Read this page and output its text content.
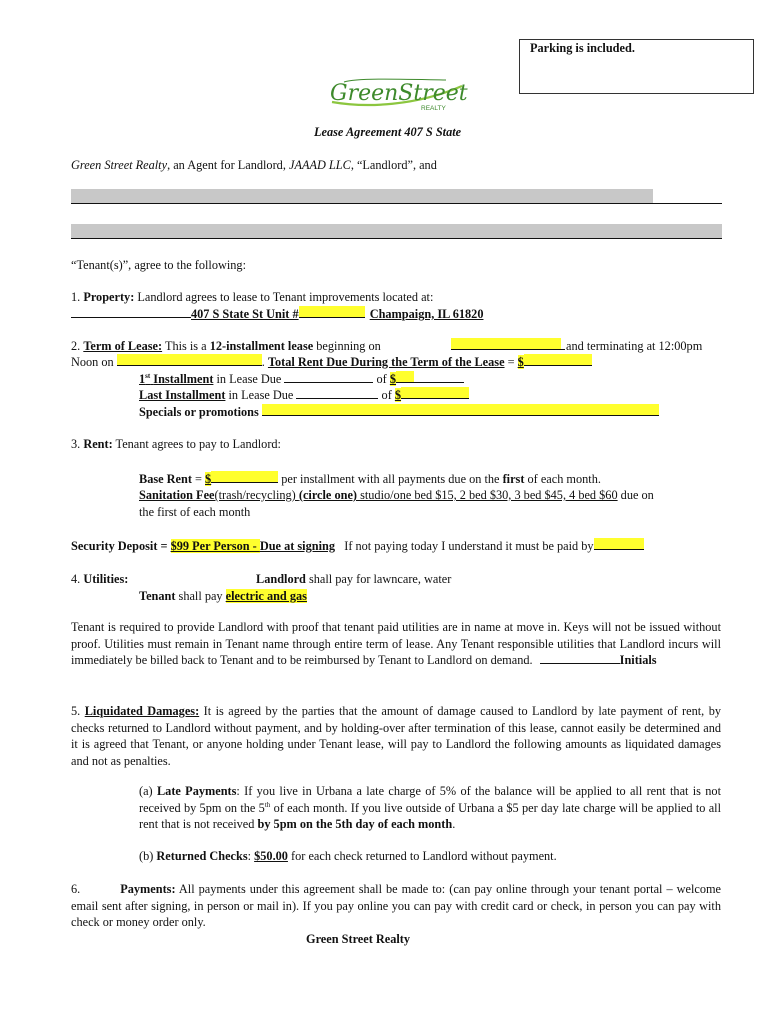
Parking is included.
GreenStreet
REALTY
Lease Agreement 407 S State
Green Street Realty, an Agent for Landlord, JAAAD LLC, “Landlord”, and
“Tenant(s)”, agree to the following:
1. Property: Landlord agrees to lease to Tenant improvements located at:
407 S State St Unit #	Champaign, IL 61820
2. Term of Lease: This is a 12-installment lease beginning on	and terminating at 12:00pm
Noon on	. Total Rent Due During the Term of the Lease = $
1st Installment in Lease Due	of $
Last Installment in Lease Due	of $
Specials or promotions
3. Rent: Tenant agrees to pay to Landlord:
Base Rent = $	per installment with all payments due on the first of each month.
Sanitation Fee(trash/recycling) (circle one) studio/one bed $15, 2 bed $30, 3 bed $45, 4 bed $60 due on
the first of each month
Security Deposit = $99 Per Person - Due at signing If not paying today I understand it must be paid by
4. Utilities:	Landlord shall pay for lawncare, water
Tenant shall pay electric and gas
Tenant is required to provide Landlord with proof that tenant paid utilities are in name at move in. Keys will not be issued without proof. Utilities must remain in Tenant name through entire term of lease. Any Tenant responsible utilities that Landlord incurs will immediately be billed back to Tenant and to be reimbursed by Tenant to Landlord on demand.	Initials
5. Liquidated Damages: It is agreed by the parties that the amount of damage caused to Landlord by late payment of rent, by checks returned to Landlord without payment, and by holding-over after termination of this lease, cannot easily be determined and it is agreed that Tenant, or anyone holding under Tenant lease, will pay to Landlord the following amounts as liquidated damages and not as penalties.
(a) Late Payments: If you live in Urbana a late charge of 5% of the balance will be applied to all rent that is not received by 5pm on the 5th of each month. If you live outside of Urbana a $5 per day late charge will be applied to all rent that is not received by 5pm on the 5th day of each month.
(b) Returned Checks: $50.00 for each check returned to Landlord without payment.
6.	Payments: All payments under this agreement shall be made to: (can pay online through your tenant portal – welcome email sent after signing, in person or mail in). If you pay online you can pay with credit card or check, in person you can pay with check or money order only.
Green Street Realty
